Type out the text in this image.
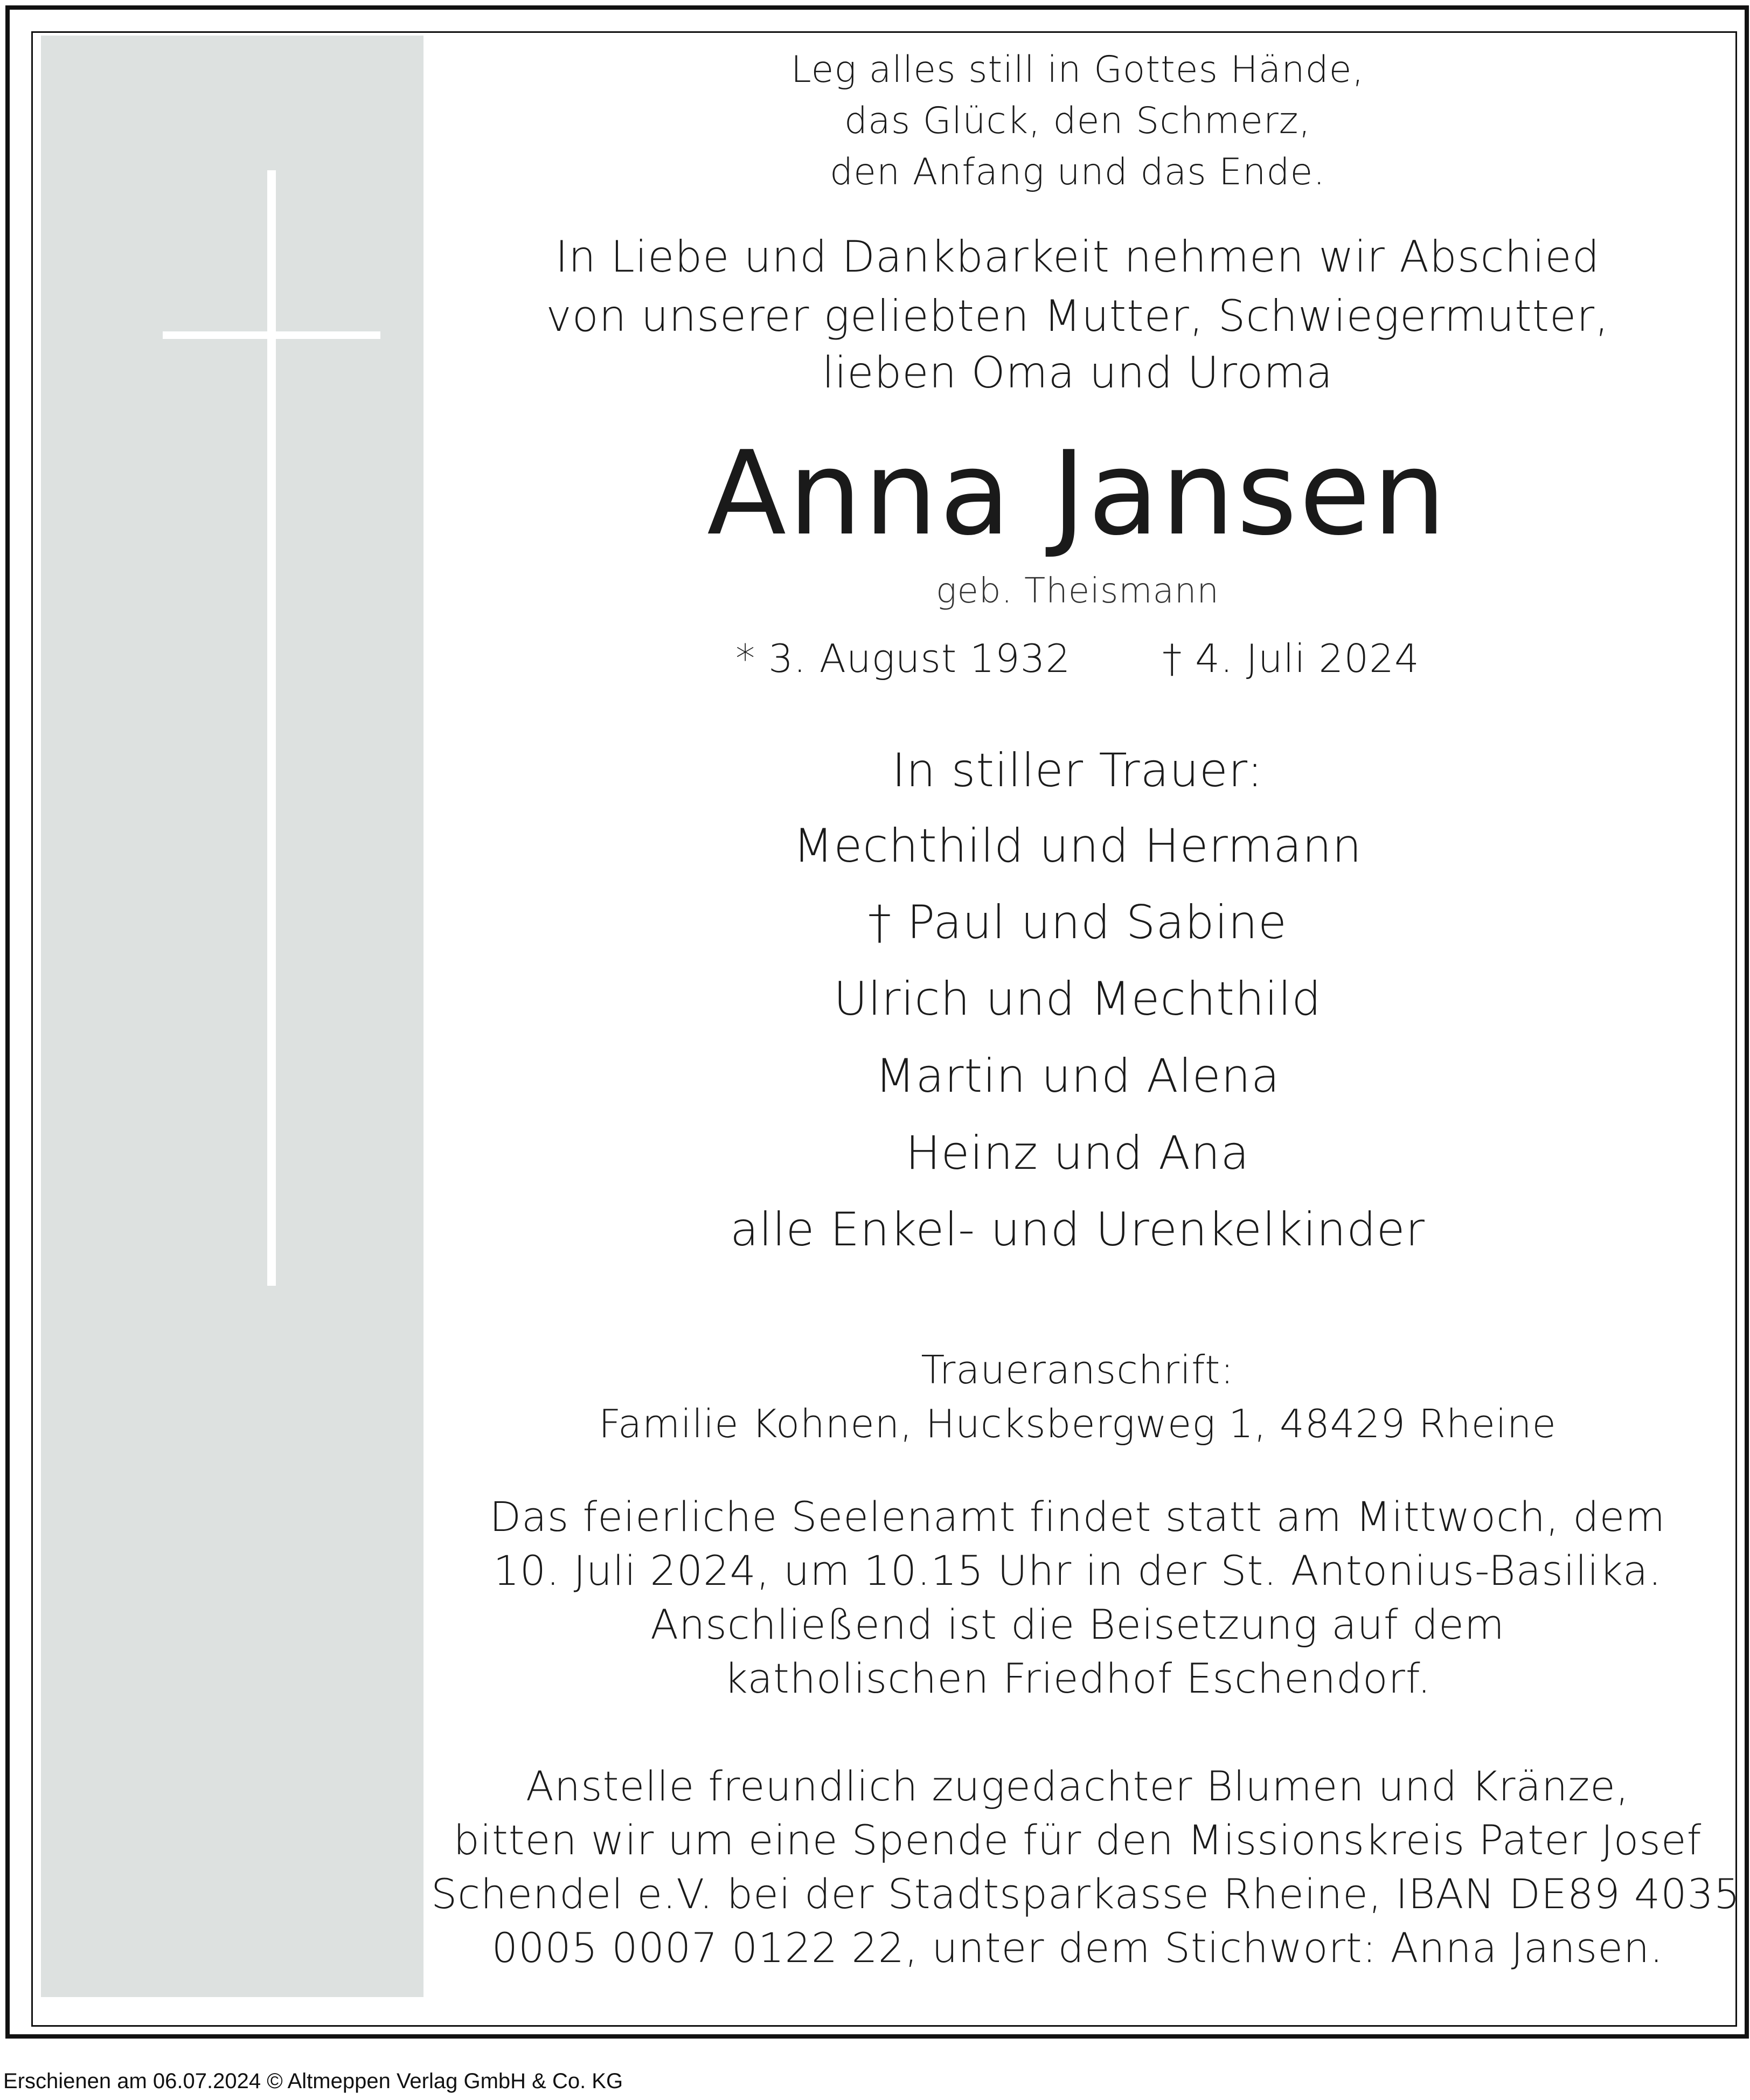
Leg alles still in Gottes Hände,
das Glück, den Schmerz,
den Anfang und das Ende.
In Liebe und Dankbarkeit nehmen wir Abschied
von unserer geliebten Mutter, Schwiegermutter,
lieben Oma und Uroma
Anna Jansen
geb. Theismann
* 3. August 1932 † 4. Juli 2024
In stiller Trauer:
Mechthild und Hermann
† Paul und Sabine
Ulrich und Mechthild
Martin und Alena
Heinz und Ana
alle Enkel- und Urenkelkinder
Traueranschrift:
Familie Kohnen, Hucksbergweg 1, 48429 Rheine
Das feierliche Seelenamt findet statt am Mittwoch, dem
10. Juli 2024, um 10.15 Uhr in der St. Antonius-Basilika.
Anschließend ist die Beisetzung auf dem
katholischen Friedhof Eschendorf.
Anstelle freundlich zugedachter Blumen und Kränze,
bitten wir um eine Spende für den Missionskreis Pater Josef
Schendel e.V. bei der Stadtsparkasse Rheine, IBAN DE89 4035
0005 0007 0122 22, unter dem Stichwort: Anna Jansen.
Erschienen am 06.07.2024 © Altmeppen Verlag GmbH & Co. KG
